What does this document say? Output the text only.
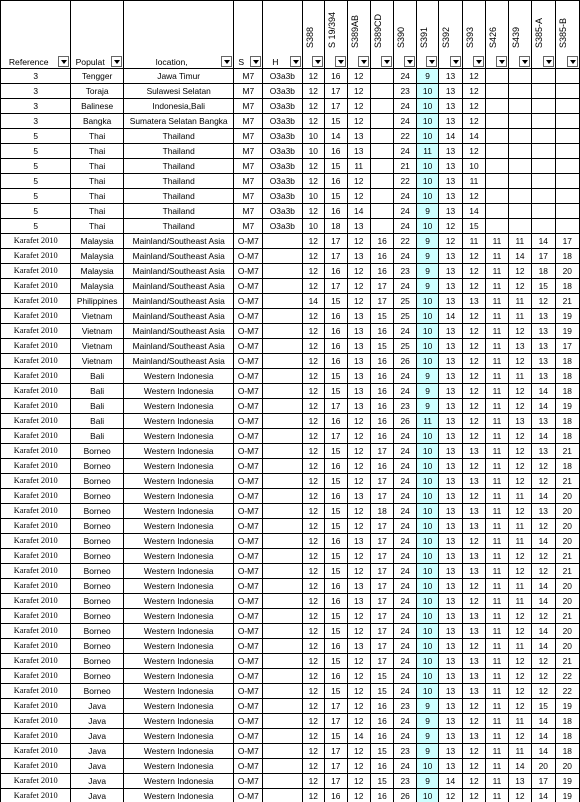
Reference	Populat	location,	S	H	S388	S 19/394	S389AB	S389CD	S390	S391	S392	S393	S426	S439	S385-A	S385-B

3	Tengger	Jawa Timur	M7	O3a3b	12	16	12		24	9	13	12				
3	Toraja	Sulawesi Selatan	M7	O3a3b	12	17	12		23	10	13	12				
3	Balinese	Indonesia,Bali	M7	O3a3b	12	17	12		24	10	13	12				
3	Bangka	Sumatera Selatan Bangka	M7	O3a3b	12	15	12		24	10	13	12				
5	Thai	Thailand	M7	O3a3b	10	14	13		22	10	14	14				
5	Thai	Thailand	M7	O3a3b	10	16	13		24	11	13	12				
5	Thai	Thailand	M7	O3a3b	12	15	11		21	10	13	10				
5	Thai	Thailand	M7	O3a3b	12	16	12		22	10	13	11				
5	Thai	Thailand	M7	O3a3b	10	15	12		24	10	13	12				
5	Thai	Thailand	M7	O3a3b	12	16	14		24	9	13	14				
5	Thai	Thailand	M7	O3a3b	10	18	13		24	10	12	15				
Karafet 2010	Malaysia	Mainland/Southeast Asia	O-M7		12	17	12	16	22	9	12	11	11	11	14	17
Karafet 2010	Malaysia	Mainland/Southeast Asia	O-M7		12	17	13	16	24	9	13	12	11	14	17	18
Karafet 2010	Malaysia	Mainland/Southeast Asia	O-M7		12	16	12	16	23	9	13	12	11	12	18	20
Karafet 2010	Malaysia	Mainland/Southeast Asia	O-M7		12	17	12	17	24	9	13	12	11	12	15	18
Karafet 2010	Philippines	Mainland/Southeast Asia	O-M7		14	15	12	17	25	10	13	13	11	11	12	21
Karafet 2010	Vietnam	Mainland/Southeast Asia	O-M7		12	16	13	15	25	10	14	12	11	11	13	19
Karafet 2010	Vietnam	Mainland/Southeast Asia	O-M7		12	16	13	16	24	10	13	12	11	12	13	19
Karafet 2010	Vietnam	Mainland/Southeast Asia	O-M7		12	16	13	15	25	10	13	12	11	13	13	17
Karafet 2010	Vietnam	Mainland/Southeast Asia	O-M7		12	16	13	16	26	10	13	12	11	12	13	18
Karafet 2010	Bali	Western Indonesia	O-M7		12	15	13	16	24	9	13	12	11	11	13	18
Karafet 2010	Bali	Western Indonesia	O-M7		12	15	13	16	24	9	13	12	11	12	14	18
Karafet 2010	Bali	Western Indonesia	O-M7		12	17	13	16	23	9	13	12	11	12	14	19
Karafet 2010	Bali	Western Indonesia	O-M7		12	16	12	16	26	11	13	12	11	13	13	18
Karafet 2010	Bali	Western Indonesia	O-M7		12	17	12	16	24	10	13	12	11	12	14	18
Karafet 2010	Borneo	Western Indonesia	O-M7		12	15	12	17	24	10	13	13	11	12	13	21
Karafet 2010	Borneo	Western Indonesia	O-M7		12	16	12	16	24	10	13	12	11	12	12	18
Karafet 2010	Borneo	Western Indonesia	O-M7		12	15	12	17	24	10	13	13	11	12	12	21
Karafet 2010	Borneo	Western Indonesia	O-M7		12	16	13	17	24	10	13	12	11	11	14	20
Karafet 2010	Borneo	Western Indonesia	O-M7		12	15	12	18	24	10	13	13	11	12	13	20
Karafet 2010	Borneo	Western Indonesia	O-M7		12	15	12	17	24	10	13	13	11	11	12	20
Karafet 2010	Borneo	Western Indonesia	O-M7		12	16	13	17	24	10	13	12	11	11	14	20
Karafet 2010	Borneo	Western Indonesia	O-M7		12	15	12	17	24	10	13	13	11	12	12	21
Karafet 2010	Borneo	Western Indonesia	O-M7		12	15	12	17	24	10	13	13	11	12	12	21
Karafet 2010	Borneo	Western Indonesia	O-M7		12	16	13	17	24	10	13	12	11	11	14	20
Karafet 2010	Borneo	Western Indonesia	O-M7		12	16	13	17	24	10	13	12	11	11	14	20
Karafet 2010	Borneo	Western Indonesia	O-M7		12	15	12	17	24	10	13	13	11	12	12	21
Karafet 2010	Borneo	Western Indonesia	O-M7		12	15	12	17	24	10	13	13	11	12	14	20
Karafet 2010	Borneo	Western Indonesia	O-M7		12	16	13	17	24	10	13	12	11	11	14	20
Karafet 2010	Borneo	Western Indonesia	O-M7		12	15	12	17	24	10	13	13	11	12	12	21
Karafet 2010	Borneo	Western Indonesia	O-M7		12	16	12	15	24	10	13	13	11	12	12	22
Karafet 2010	Borneo	Western Indonesia	O-M7		12	15	12	15	24	10	13	13	11	12	12	22
Karafet 2010	Java	Western Indonesia	O-M7		12	17	12	16	23	9	13	12	11	12	15	19
Karafet 2010	Java	Western Indonesia	O-M7		12	17	12	16	24	9	13	12	11	11	14	18
Karafet 2010	Java	Western Indonesia	O-M7		12	15	14	16	24	9	13	13	11	12	14	18
Karafet 2010	Java	Western Indonesia	O-M7		12	17	12	15	23	9	13	12	11	11	14	18
Karafet 2010	Java	Western Indonesia	O-M7		12	17	12	16	24	10	13	12	11	14	20	20
Karafet 2010	Java	Western Indonesia	O-M7		12	17	12	15	23	9	14	12	11	13	17	19
Karafet 2010	Java	Western Indonesia	O-M7		12	16	12	16	26	10	12	12	11	12	14	19
